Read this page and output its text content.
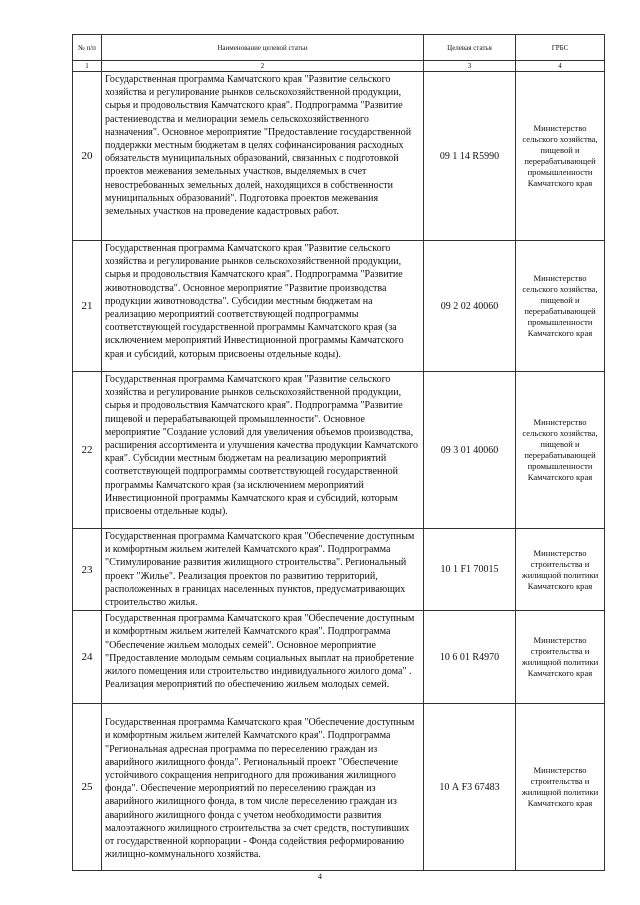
№ п/п	Наименование целевой статьи	Целевая статья	ГРБС
1	2	3	4
20	Государственная программа Камчатского края "Развитие сельского хозяйства и регулирование рынков сельскохозяйственной продукции, сырья и продовольствия Камчатского края". Подпрограмма "Развитие растениеводства и мелиорации земель сельскохозяйственного назначения". Основное мероприятие "Предоставление государственной поддержки местным бюджетам в целях софинансирования расходных обязательств муниципальных образований, связанных с подготовкой проектов межевания земельных участков, выделяемых в счет невостребованных земельных долей, находящихся в собственности муниципальных образований". Подготовка проектов межевания земельных участков на проведение кадастровых работ.	09 1 14 R5990	Министерство сельского хозяйства, пищевой и перерабатывающей промышленности Камчатского края
21	Государственная программа Камчатского края "Развитие сельского хозяйства и регулирование рынков сельскохозяйственной продукции, сырья и продовольствия Камчатского края". Подпрограмма "Развитие животноводства". Основное мероприятие "Развитие производства продукции животноводства". Субсидии местным бюджетам на реализацию мероприятий соответствующей подпрограммы соответствующей государственной программы Камчатского края (за исключением мероприятий Инвестиционной программы Камчатского края и субсидий, которым присвоены отдельные коды).	09 2 02 40060	Министерство сельского хозяйства, пищевой и перерабатывающей промышленности Камчатского края
22	Государственная программа Камчатского края "Развитие сельского хозяйства и регулирование рынков сельскохозяйственной продукции, сырья и продовольствия Камчатского края". Подпрограмма "Развитие пищевой и перерабатывающей промышленности". Основное мероприятие "Создание условий для увеличения объемов производства, расширения ассортимента и улучшения качества продукции Камчатского края". Субсидии местным бюджетам на реализацию мероприятий соответствующей подпрограммы соответствующей государственной программы Камчатского края (за исключением мероприятий Инвестиционной программы Камчатского края и субсидий, которым присвоены отдельные коды).	09 3 01 40060	Министерство сельского хозяйства, пищевой и перерабатывающей промышленности Камчатского края
23	Государственная программа Камчатского края "Обеспечение доступным и комфортным жильем жителей Камчатского края". Подпрограмма "Стимулирование развития жилищного строительства". Региональный проект "Жилье". Реализация проектов по развитию территорий, расположенных в границах населенных пунктов, предусматривающих строительство жилья.	10 1 F1 70015	Министерство строительства и жилищной политики Камчатского края
24	Государственная программа Камчатского края "Обеспечение доступным и комфортным жильем жителей Камчатского края". Подпрограмма "Обеспечение жильем молодых семей". Основное мероприятие "Предоставление молодым семьям социальных выплат на приобретение жилого помещения или строительство индивидуального жилого дома" . Реализация мероприятий по обеспечению жильем молодых семей.	10 6 01 R4970	Министерство строительства и жилищной политики Камчатского края
25	Государственная программа Камчатского края "Обеспечение доступным и комфортным жильем жителей Камчатского края". Подпрограмма "Региональная адресная программа по переселению граждан из аварийного жилищного фонда". Региональный проект "Обеспечение устойчивого сокращения непригодного для проживания жилищного фонда". Обеспечение мероприятий по переселению граждан из аварийного жилищного фонда, в том числе переселению граждан из аварийного жилищного фонда с учетом необходимости развития малоэтажного жилищного строительства за счет средств, поступивших от государственной корпорации - Фонда содействия реформированию жилищно-коммунального хозяйства.	10 А F3 67483	Министерство строительства и жилищной политики Камчатского края
4
